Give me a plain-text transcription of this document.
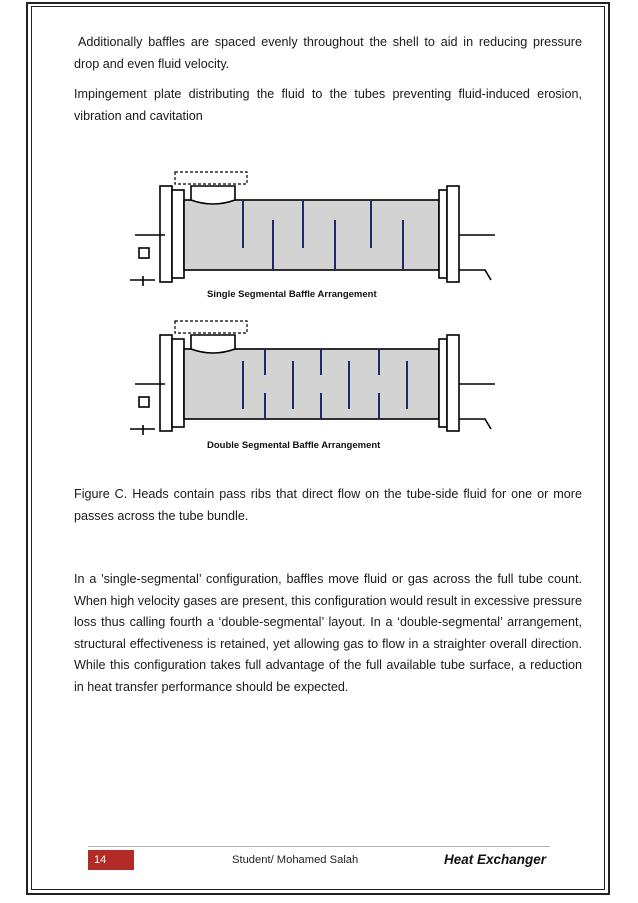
Additionally baffles are spaced evenly throughout the shell to aid in reducing pressure drop and even fluid velocity.

Impingement plate distributing the fluid to the tubes preventing fluid-induced erosion, vibration and cavitation

Single Segmental Baffle Arrangement
Double Segmental Baffle Arrangement

Figure C. Heads contain pass ribs that direct flow on the tube-side fluid for one or more passes across the tube bundle.

In a 'single-segmental’ configuration, baffles move fluid or gas across the full tube count. When high velocity gases are present, this configuration would result in excessive pressure loss thus calling fourth a ‘double-segmental’ layout. In a ‘double-segmental’ arrangement, structural effectiveness is retained, yet allowing gas to flow in a straighter overall direction. While this configuration takes full advantage of the full available tube surface, a reduction in heat transfer performance should be expected.

14	Student/ Mohamed Salah	Heat Exchanger
